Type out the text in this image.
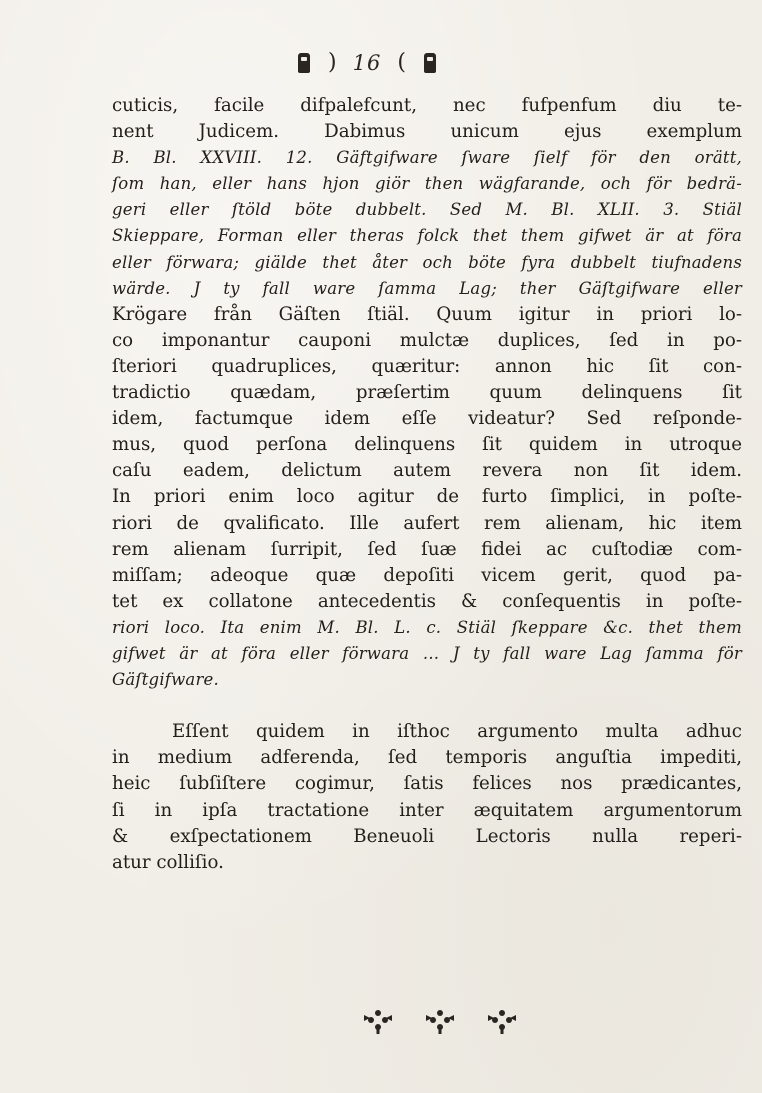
) 16 (
cuticis, facile difpalefcunt, nec fufpenfum diu te-
nent Judicem. Dabimus unicum ejus exemplum
B. Bl. XXVIII. 12. Gäftgifware ſware ſielf för den orätt,
ſom han, eller hans hjon giör then wägfarande, och för bedrä-
geri eller ſtöld böte dubbelt. Sed M. Bl. XLII. 3. Stiäl
Skieppare, Forman eller theras folck thet them gifwet är at föra
eller förwara; giälde thet åter och böte fyra dubbelt tiufnadens
wärde. J ty fall ware ſamma Lag; ther Gäſtgifware eller
Krögare från Gäſten ſtiäl. Quum igitur in priori lo-
co imponantur cauponi mulctæ duplices, ſed in po-
ſteriori quadruplices, quæritur: annon hic ſit con-
tradictio quædam, præſertim quum delinquens ſit
idem, factumque idem eſſe videatur? Sed reſponde-
mus, quod perſona delinquens ſit quidem in utroque
caſu eadem, delictum autem revera non ſit idem.
In priori enim loco agitur de furto ſimplici, in poſte-
riori de qvalificato. Ille aufert rem alienam, hic item
rem alienam ſurripit, ſed ſuæ fidei ac cuſtodiæ com-
miſſam; adeoque quæ depoſiti vicem gerit, quod pa-
tet ex collatone antecedentis & conſequentis in poſte-
riori loco. Ita enim M. Bl. L. c. Stiäl ſkeppare &c. thet them
gifwet är at föra eller förwara ... J ty fall ware Lag ſamma för
Gäſtgifware.
Eſſent quidem in iſthoc argumento multa adhuc
in medium adferenda, ſed temporis anguſtia impediti,
heic ſubſiſtere cogimur, ſatis felices nos prædicantes,
ſi in ipſa tractatione inter æquitatem argumentorum
& exſpectationem Beneuoli Lectoris nulla reperi-
atur colliſio.
